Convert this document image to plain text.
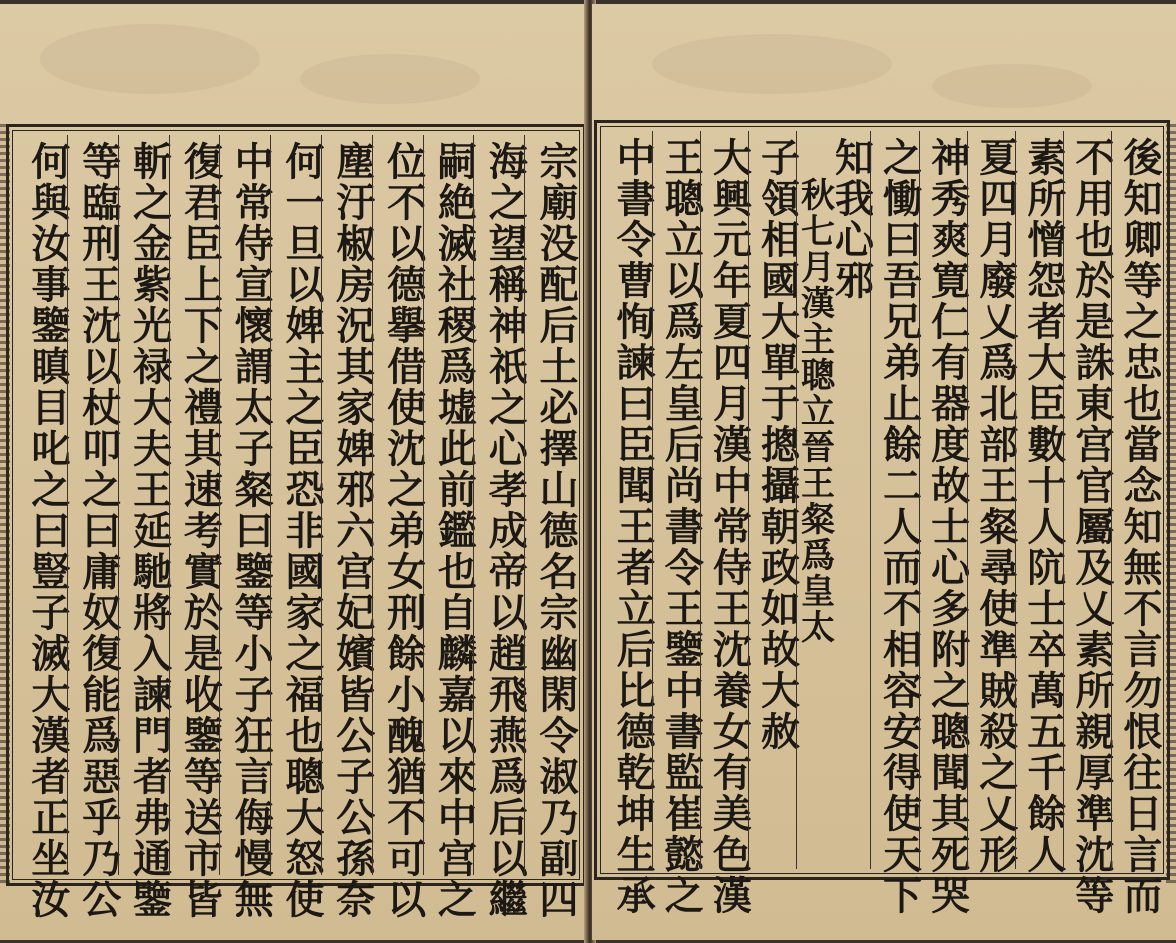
宗廟没配后土必擇山德名宗幽閑令淑乃副四
海之望稱神祇之心孝成帝以趙飛燕爲后以繼
嗣絶滅社稷爲墟此前鑑也自麟嘉以來中宫之
位不以德擧借使沈之弟女刑餘小醜猶不可以
塵汙椒房況其家婢邪六宫妃嬪皆公子公孫奈
何一旦以婢主之臣恐非國家之福也聰大怒使
中常侍宣懷謂太子粲曰鑒等小子狂言侮慢無
復君臣上下之禮其速考實於是收鑒等送市皆
斬之金紫光禄大夫王延馳將入諫門者弗通鑒
等臨刑王沈以杖叩之曰庸奴復能爲惡乎乃公
何與汝事鑒瞋目叱之曰豎子滅大漢者正坐汝	後知卿等之忠也當念知無不言勿恨往日言而
不用也於是誅東宫官屬及乂素所親厚準沈等
素所憎怨者大臣數十人阬士卒萬五千餘人
夏四月廢乂爲北部王粲尋使準賊殺之乂形
神秀爽寛仁有器度故士心多附之聰聞其死哭
之慟曰吾兄弟止餘二人而不相容安得使天下
知我心邪
秋七月漢主聰立晉王粲爲皇太
子領相國大單于摠攝朝政如故大赦
大興元年夏四月漢中常侍王沈養女有美色漢
王聰立以爲左皇后尚書令王鑒中書監崔懿之
中書令曹恂諫曰臣聞王者立后比德乾坤生承
